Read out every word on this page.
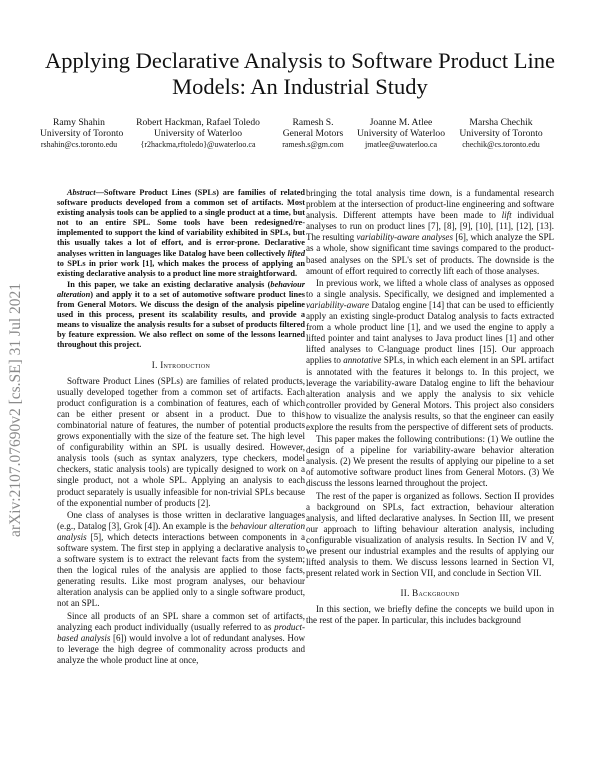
arXiv:2107.07690v2 [cs.SE] 31 Jul 2021
Applying Declarative Analysis to Software Product Line Models: An Industrial Study
Ramy Shahin
University of Toronto
rshahin@cs.toronto.edu
Robert Hackman, Rafael Toledo
University of Waterloo
{r2hackma,rftoledo}@uwaterloo.ca
Ramesh S.
General Motors
ramesh.s@gm.com
Joanne M. Atlee
University of Waterloo
jmatlee@uwaterloo.ca
Marsha Chechik
University of Toronto
chechik@cs.toronto.edu

Abstract—Software Product Lines (SPLs) are families of related software products developed from a common set of artifacts. Most existing analysis tools can be applied to a single product at a time, but not to an entire SPL. Some tools have been redesigned/re-implemented to support the kind of variability exhibited in SPLs, but this usually takes a lot of effort, and is error-prone. Declarative analyses written in languages like Datalog have been collectively lifted to SPLs in prior work [1], which makes the process of applying an existing declarative analysis to a product line more straightforward.

In this paper, we take an existing declarative analysis (behaviour alteration) and apply it to a set of automotive software product lines from General Motors. We discuss the design of the analysis pipeline used in this process, present its scalability results, and provide a means to visualize the analysis results for a subset of products filtered by feature expression. We also reflect on some of the lessons learned throughout this project.

I. Introduction

Software Product Lines (SPLs) are families of related products, usually developed together from a common set of artifacts. Each product configuration is a combination of features, each of which can be either present or absent in a product. Due to this combinatorial nature of features, the number of potential products grows exponentially with the size of the feature set. The high level of configurability within an SPL is usually desired. However, analysis tools (such as syntax analyzers, type checkers, model checkers, static analysis tools) are typically designed to work on a single product, not a whole SPL. Applying an analysis to each product separately is usually infeasible for non-trivial SPLs because of the exponential number of products [2].

One class of analyses is those written in declarative languages (e.g., Datalog [3], Grok [4]). An example is the behaviour alteration analysis [5], which detects interactions between components in a software system. The first step in applying a declarative analysis to a software system is to extract the relevant facts from the system; then the logical rules of the analysis are applied to those facts, generating results. Like most program analyses, our behaviour alteration analysis can be applied only to a single software product, not an SPL.

Since all products of an SPL share a common set of artifacts, analyzing each product individually (usually referred to as product-based analysis [6]) would involve a lot of redundant analyses. How to leverage the high degree of commonality across products and analyze the whole product line at once,

bringing the total analysis time down, is a fundamental research problem at the intersection of product-line engineering and software analysis. Different attempts have been made to lift individual analyses to run on product lines [7], [8], [9], [10], [11], [12], [13]. The resulting variability-aware analyses [6], which analyze the SPL as a whole, show significant time savings compared to the product-based analyses on the SPL's set of products. The downside is the amount of effort required to correctly lift each of those analyses.

In previous work, we lifted a whole class of analyses as opposed to a single analysis. Specifically, we designed and implemented a variability-aware Datalog engine [14] that can be used to efficiently apply an existing single-product Datalog analysis to facts extracted from a whole product line [1], and we used the engine to apply a lifted pointer and taint analyses to Java product lines [1] and other lifted analyses to C-language product lines [15]. Our approach applies to annotative SPLs, in which each element in an SPL artifact is annotated with the features it belongs to. In this project, we leverage the variability-aware Datalog engine to lift the behaviour alteration analysis and we apply the analysis to six vehicle controller provided by General Motors. This project also considers how to visualize the analysis results, so that the engineer can easily explore the results from the perspective of different sets of products.

This paper makes the following contributions: (1) We outline the design of a pipeline for variability-aware behavior alteration analysis. (2) We present the results of applying our pipeline to a set of automotive software product lines from General Motors. (3) We discuss the lessons learned throughout the project.

The rest of the paper is organized as follows. Section II provides a background on SPLs, fact extraction, behaviour alteration analysis, and lifted declarative analyses. In Section III, we present our approach to lifting behaviour alteration analysis, including configurable visualization of analysis results. In Section IV and V, we present our industrial examples and the results of applying our lifted analysis to them. We discuss lessons learned in Section VI, present related work in Section VII, and conclude in Section VII.

II. Background

In this section, we briefly define the concepts we build upon in the rest of the paper. In particular, this includes background
